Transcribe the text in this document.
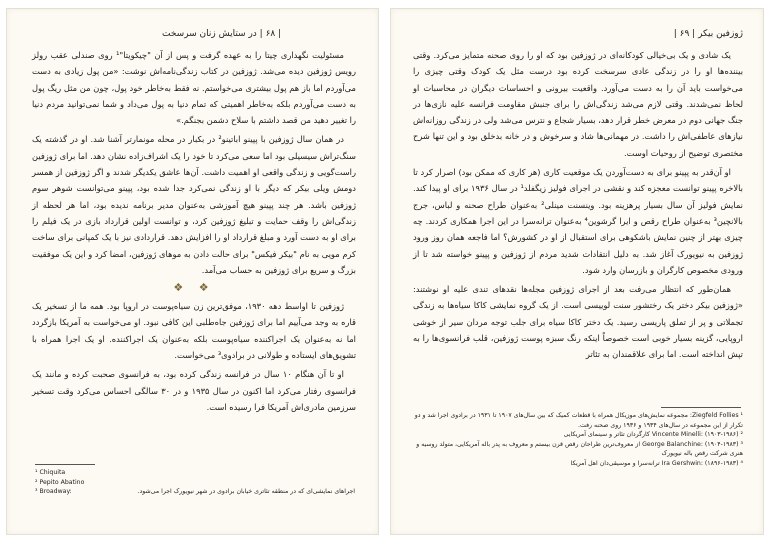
| ۶۸ | در ستایش زنان سرسخت

مسئولیت نگهداری چیتا را به عهده گرفت و پس از آن "چیکویتا"¹ روی صندلی عقب رولز رویس ژوزفین دیده می‌شد. ژوزفین در کتاب زندگی‌نامه‌اش نوشت: «من پول زیادی به دست می‌آوردم اما باز هم پول بیشتری می‌خواستم. نه فقط به‌خاطر خود پول، چون من مثل ریگ پول به دست می‌آوردم بلکه به‌خاطر اهمیتی که تمام دنیا به پول می‌داد و شما نمی‌توانید مردم دنیا را تغییر دهید من قصد داشتم با سلاح دشمن بجنگم.»

در همان سال ژوزفین با پپینو اباتینو² در بکبار در محله مونمارتر آشنا شد. او در گذشته یک سنگ‌تراش سیسیلی بود اما سعی می‌کرد تا خود را یک اشراف‌زاده نشان دهد. اما برای ژوزفین راست‌گویی و زندگی واقعی او اهمیت داشت. آن‌ها عاشق یکدیگر شدند و اگر ژوزفین از همسر دومش ویلی بیکر که دیگر با او زندگی نمی‌کرد جدا شده بود، پپینو می‌توانست شوهر سوم ژوزفین باشد. هر چند پپینو هیچ آموزشی به‌عنوان مدیر برنامه ندیده بود، اما هر لحظه از زندگی‌اش را وقف حمایت و تبلیغ ژوزفین کرد، و توانست اولین قرارداد بازی در یک فیلم را برای او به دست آورد و مبلغ قرارداد او را افزایش دهد. قراردادی نیز با یک کمپانی برای ساخت کرم مویی به نام "بیکر فیکس" برای حالت دادن به موهای ژوزفین، امضا کرد و این یک موفقیت بزرگ و سریع برای ژوزفین به حساب می‌آمد.

❖ ❖

ژوزفین تا اواسط دهه ۱۹۳۰، موفق‌ترین زن سیاه‌پوست در اروپا بود. همه ما از تسخیر یک قاره به وجد می‌آییم اما برای ژوزفین جاه‌طلبی این کافی نبود. او می‌خواست به آمریکا بازگردد اما نه به‌عنوان یک اجراکننده سیاه‌پوست بلکه به‌عنوان یک اجراکننده. او یک اجرا همراه با تشویق‌های ایستاده و طولانی در برادوی³ می‌خواست.

او تا آن هنگام ۱۰ سال در فرانسه زندگی کرده بود، به فرانسوی صحبت کرده و مانند یک فرانسوی رفتار می‌کرد اما اکنون در سال ۱۹۳۵ و در ۳۰ سالگی احساس می‌کرد وقت تسخیر سرزمین مادری‌اش آمریکا فرا رسیده است.

¹ Chiquita
² Pepito Abatino
³ Broadway:	اجراهای نمایشی‌ای که در منطقه تئاتری خیابان برادوی در شهر نیویورک اجرا می‌شود.
ژوزفین بیکر | ۶۹ |

یک شادی و یک بی‌خیالی کودکانه‌ای در ژوزفین بود که او را روی صحنه متمایز می‌کرد. وقتی بیننده‌ها او را در زندگی عادی سرسخت کرده بود درست مثل یک کودک وقتی چیزی را می‌خواست باید آن را به دست می‌آورد. واقعیت بیرونی و احساسات دیگران در محاسبات او لحاظ نمی‌شدند. وقتی لازم می‌شد زندگی‌اش را برای جنبش مقاومت فرانسه علیه نازی‌ها در جنگ جهانی دوم در معرض خطر قرار دهد، بسیار شجاع و نترس می‌شد ولی در زندگی روزانه‌اش نیازهای عاطفی‌اش را داشت. در مهمانی‌ها شاد و سرخوش و در خانه بدخلق بود و این تنها شرح مختصری توضیح از روحیات اوست.

او آن‌قدر به پپینو برای به دست‌آوردن یک موقعیت کاری (هر کاری که ممکن بود) اصرار کرد تا بالاخره پپینو توانست معجزه کند و نقشی در اجرای فولیز زیگفلد¹ در سال ۱۹۳۶ برای او پیدا کند. نمایش فولیز آن سال بسیار پرهزینه بود. وینسنت مینلی² به‌عنوان طراح صحنه و لباس، جرج بالانچین³ به‌عنوان طراح رقص و ایرا گرشوین⁴ به‌عنوان ترانه‌سرا در این اجرا همکاری کردند. چه چیزی بهتر از چنین نمایش باشکوهی برای استقبال از او در کشورش؟ اما فاجعه همان روز ورود ژوزفین به نیویورک آغاز شد. به دلیل انتقادات شدید مردم از ژوزفین و پپینو خواسته شد تا از ورودی مخصوص کارگران و بازرسان وارد شود.

همان‌طور که انتظار می‌رفت بعد از اجرای ژوزفین مجله‌ها نقدهای تندی علیه او نوشتند: «ژوزفین بیکر دختر یک رختشور سنت لوییسی است. از یک گروه نمایشی کاکا سیاه‌ها به زندگی تجملاتی و پر از تملق پاریسی رسید. یک دختر کاکا سیاه برای جلب توجه مردان سیر از خوشی اروپایی، گزینه بسیار خوبی است خصوصاً اینکه رنگ سبزه پوست ژوزفین، قلب فرانسوی‌ها را به تپش انداخته است. اما برای علاقمندان به تئاتر

¹ Ziegfeld Follies: مجموعه نمایش‌های موزیکال همراه با قطعات کمیک که بین سال‌های ۱۹۰۷ تا ۱۹۳۱ در برادوی اجرا شد و دو تکرار از این مجموعه در سال‌های ۱۹۳۴ و ۱۹۳۶ روی صحنه رفت.
² Vincente Minelli: (۱۹۰۳-۱۹۸۶) کارگردان تئاتر و سینمای آمریکایی
³ George Balanchine: (۱۹۰۴-۱۹۸۳) از معروف‌ترین طراحان رقص قرن بیستم و معروف به پدر باله آمریکایی، متولد روسیه و هنری شرکت رقص باله نیویورک
⁴ Ira Gershwin: (۱۸۹۶-۱۹۸۳) ترانه‌سرا و موسیقی‌دان اهل آمریکا
